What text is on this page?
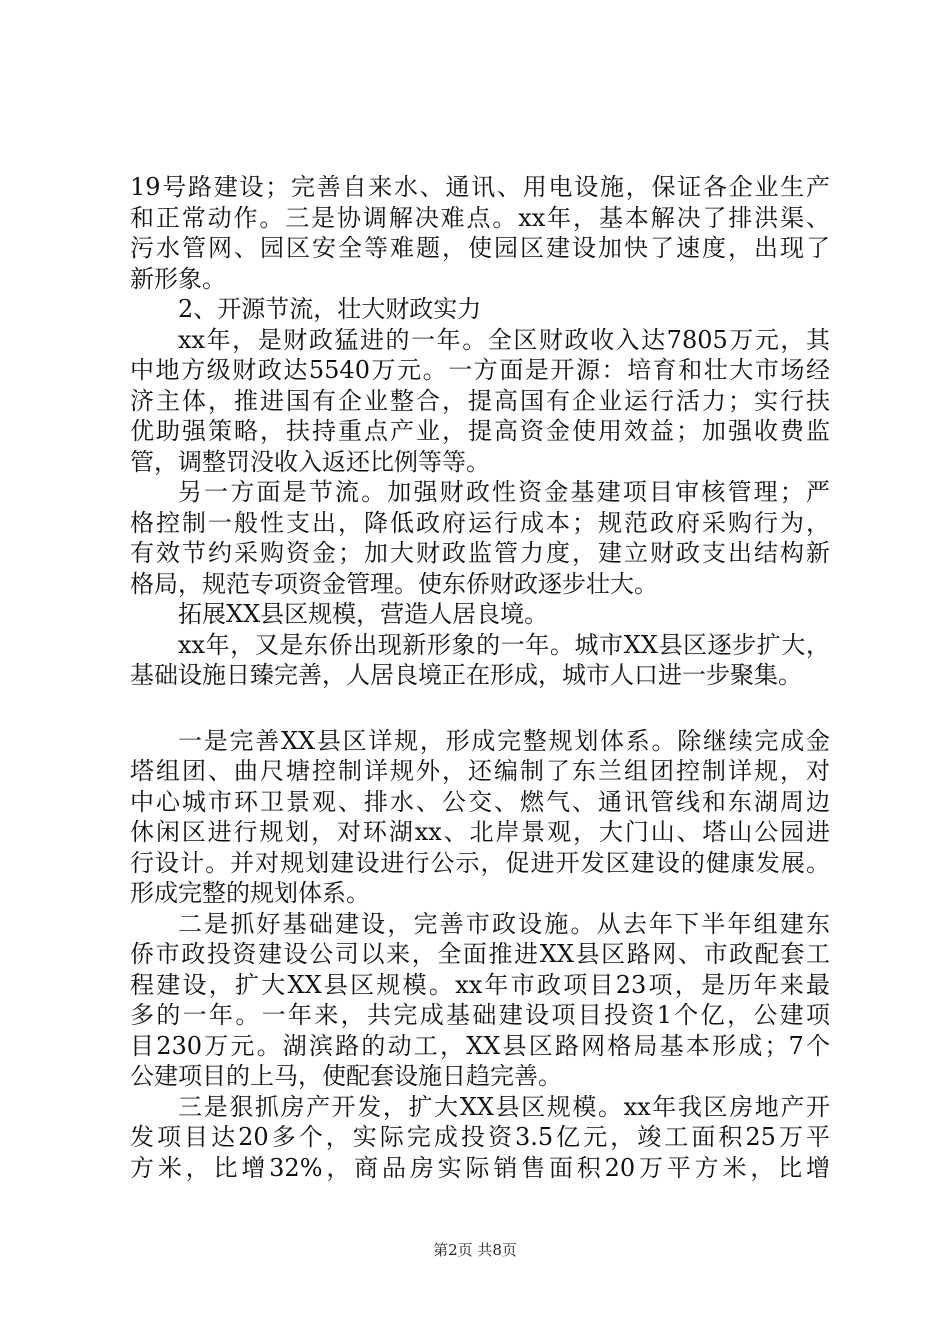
19号路建设；完善自来水、通讯、用电设施，保证各企业生产
和正常动作。三是协调解决难点。xx年，基本解决了排洪渠、
污水管网、园区安全等难题，使园区建设加快了速度，出现了
新形象。
2、开源节流，壮大财政实力
xx年，是财政猛进的一年。全区财政收入达7805万元，其
中地方级财政达5540万元。一方面是开源：培育和壮大市场经
济主体，推进国有企业整合，提高国有企业运行活力；实行扶
优助强策略，扶持重点产业，提高资金使用效益；加强收费监
管，调整罚没收入返还比例等等。
另一方面是节流。加强财政性资金基建项目审核管理；严
格控制一般性支出，降低政府运行成本；规范政府采购行为，
有效节约采购资金；加大财政监管力度，建立财政支出结构新
格局，规范专项资金管理。使东侨财政逐步壮大。
拓展XX县区规模，营造人居良境。
xx年，又是东侨出现新形象的一年。城市XX县区逐步扩大，
基础设施日臻完善，人居良境正在形成，城市人口进一步聚集。
一是完善XX县区详规，形成完整规划体系。除继续完成金
塔组团、曲尺塘控制详规外，还编制了东兰组团控制详规，对
中心城市环卫景观、排水、公交、燃气、通讯管线和东湖周边
休闲区进行规划，对环湖xx、北岸景观，大门山、塔山公园进
行设计。并对规划建设进行公示，促进开发区建设的健康发展。
形成完整的规划体系。
二是抓好基础建设，完善市政设施。从去年下半年组建东
侨市政投资建设公司以来，全面推进XX县区路网、市政配套工
程建设，扩大XX县区规模。xx年市政项目23项，是历年来最
多的一年。一年来，共完成基础建设项目投资1个亿，公建项
目230万元。湖滨路的动工，XX县区路网格局基本形成；7个
公建项目的上马，使配套设施日趋完善。
三是狠抓房产开发，扩大XX县区规模。xx年我区房地产开
发项目达20多个，实际完成投资3.5亿元，竣工面积25万平
方米，比增32%，商品房实际销售面积20万平方米，比增
第2页 共8页
